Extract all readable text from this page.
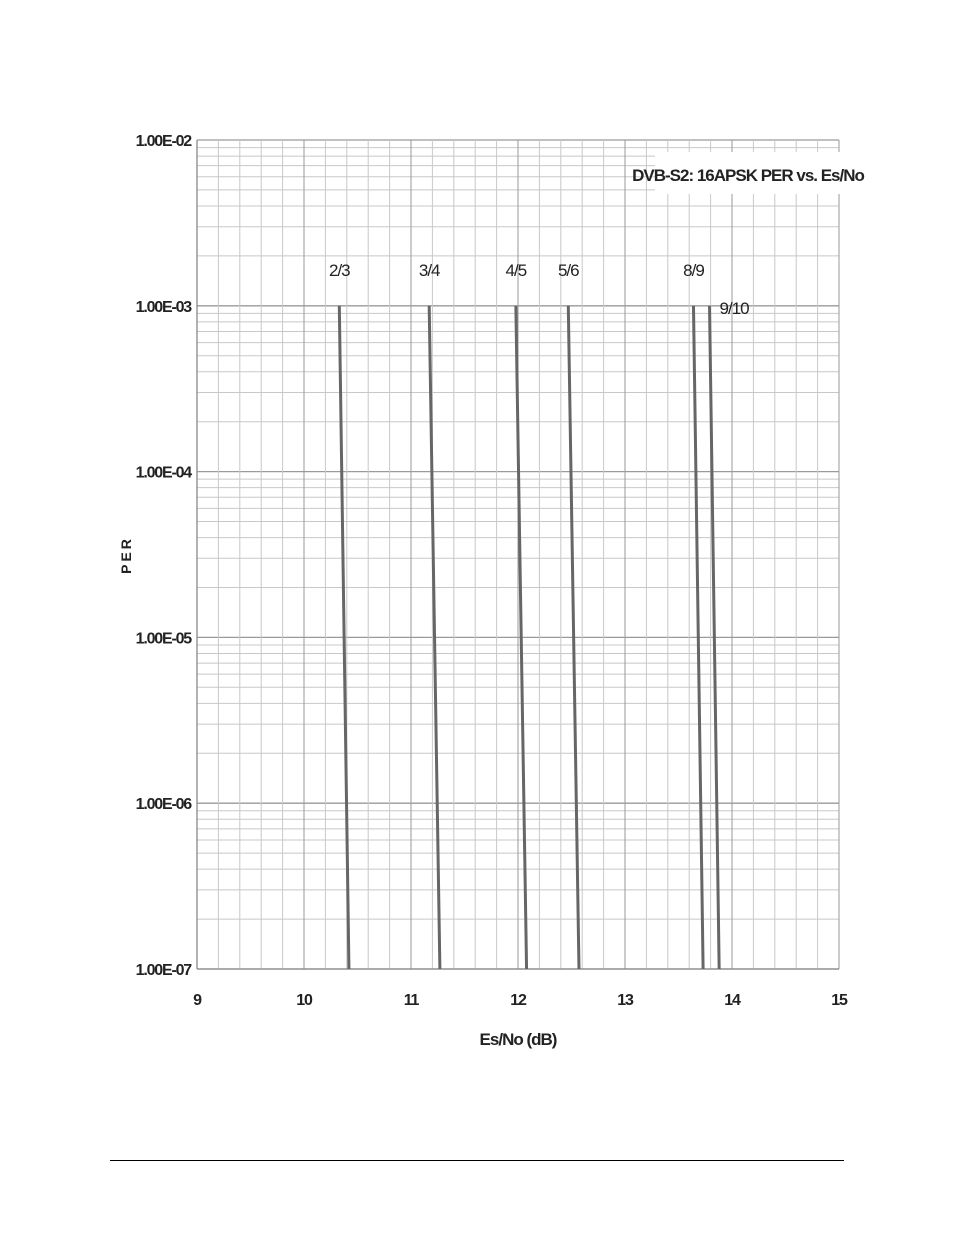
9	10	11	12	13	14	15
1.00E-02
1.00E-03
1.00E-04
1.00E-05
1.00E-06
1.00E-07
2/3	3/4	4/5 5/6	8/9
9/10
DVB-S2: 16APSK PER vs. Es/No
Es/No (dB)
PER
